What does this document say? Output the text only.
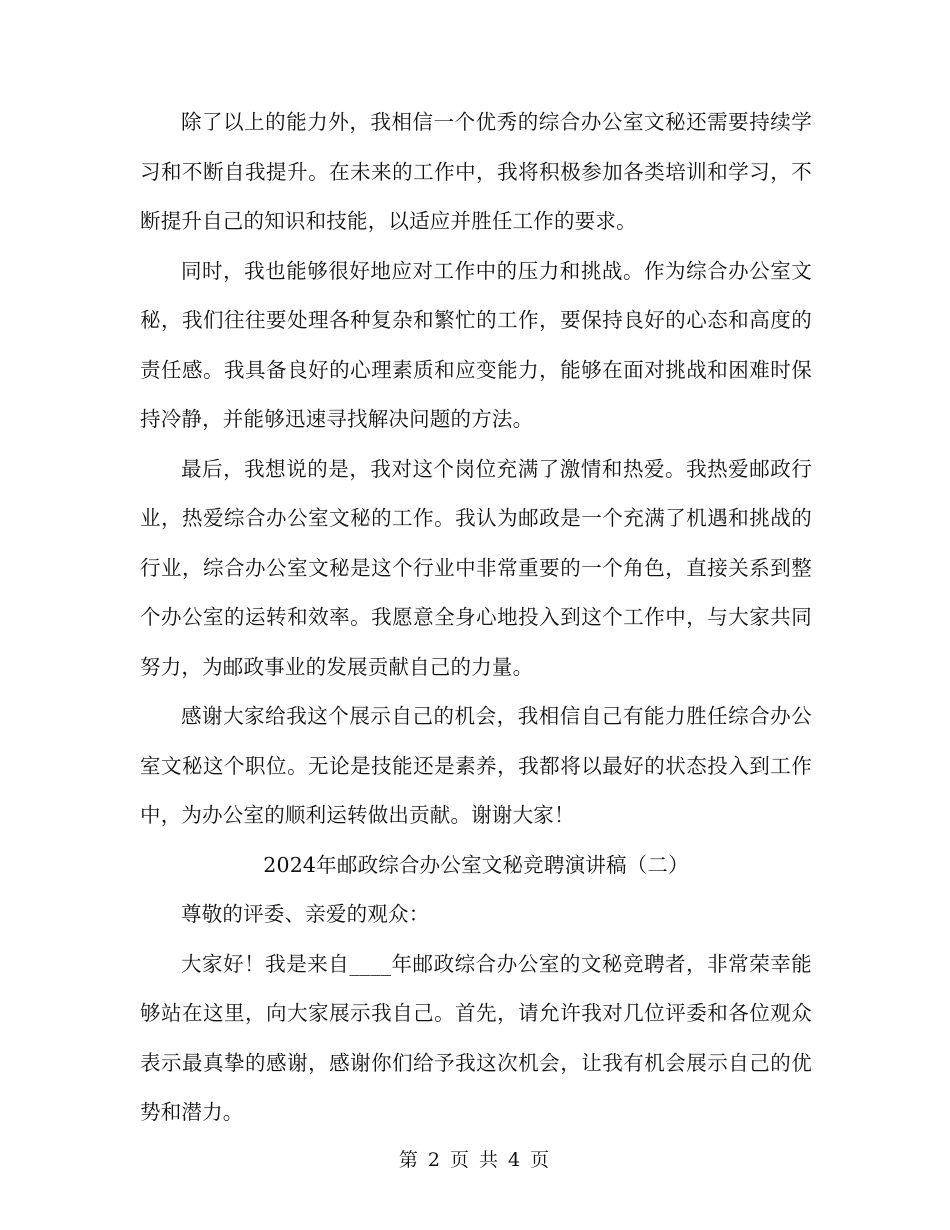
除了以上的能力外，我相信一个优秀的综合办公室文秘还需要持续学习和不断自我提升。在未来的工作中，我将积极参加各类培训和学习，不断提升自己的知识和技能，以适应并胜任工作的要求。

同时，我也能够很好地应对工作中的压力和挑战。作为综合办公室文秘，我们往往要处理各种复杂和繁忙的工作，要保持良好的心态和高度的责任感。我具备良好的心理素质和应变能力，能够在面对挑战和困难时保持冷静，并能够迅速寻找解决问题的方法。

最后，我想说的是，我对这个岗位充满了激情和热爱。我热爱邮政行业，热爱综合办公室文秘的工作。我认为邮政是一个充满了机遇和挑战的行业，综合办公室文秘是这个行业中非常重要的一个角色，直接关系到整个办公室的运转和效率。我愿意全身心地投入到这个工作中，与大家共同努力，为邮政事业的发展贡献自己的力量。

感谢大家给我这个展示自己的机会，我相信自己有能力胜任综合办公室文秘这个职位。无论是技能还是素养，我都将以最好的状态投入到工作中，为办公室的顺利运转做出贡献。谢谢大家！

2024年邮政综合办公室文秘竞聘演讲稿（二）

尊敬的评委、亲爱的观众：

大家好！我是来自____年邮政综合办公室的文秘竞聘者，非常荣幸能够站在这里，向大家展示我自己。首先，请允许我对几位评委和各位观众表示最真挚的感谢，感谢你们给予我这次机会，让我有机会展示自己的优势和潜力。

第 2 页 共 4 页
